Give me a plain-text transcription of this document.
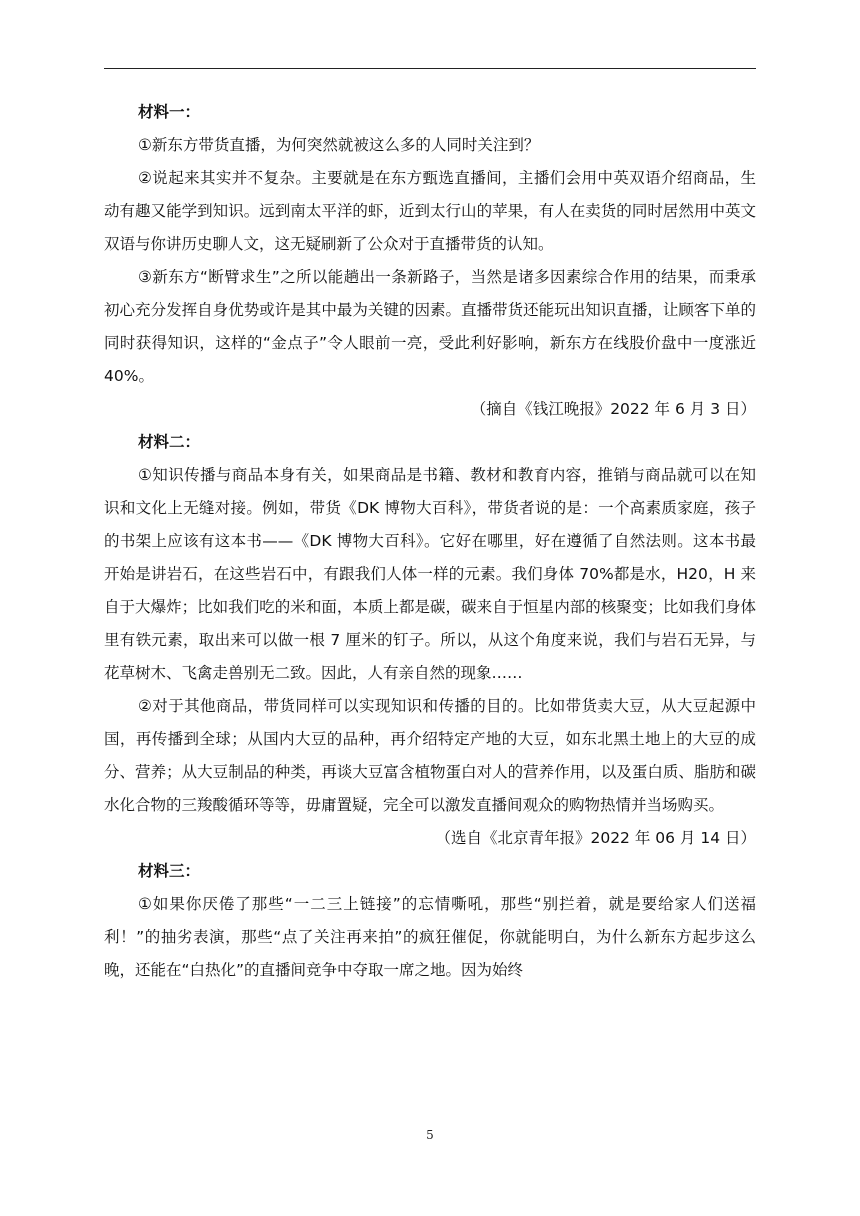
材料一：

①新东方带货直播，为何突然就被这么多的人同时关注到？

②说起来其实并不复杂。主要就是在东方甄选直播间，主播们会用中英双语介绍商品，生动有趣又能学到知识。远到南太平洋的虾，近到太行山的苹果，有人在卖货的同时居然用中英文双语与你讲历史聊人文，这无疑刷新了公众对于直播带货的认知。

③新东方“断臂求生”之所以能趟出一条新路子，当然是诸多因素综合作用的结果，而秉承初心充分发挥自身优势或许是其中最为关键的因素。直播带货还能玩出知识直播，让顾客下单的同时获得知识，这样的“金点子”令人眼前一亮，受此利好影响，新东方在线股价盘中一度涨近40%。

（摘自《钱江晚报》2022 年 6 月 3 日）

材料二：

①知识传播与商品本身有关，如果商品是书籍、教材和教育内容，推销与商品就可以在知识和文化上无缝对接。例如，带货《DK 博物大百科》，带货者说的是：一个高素质家庭，孩子的书架上应该有这本书——《DK 博物大百科》。它好在哪里，好在遵循了自然法则。这本书最开始是讲岩石，在这些岩石中，有跟我们人体一样的元素。我们身体 70%都是水，H20，H 来自于大爆炸；比如我们吃的米和面，本质上都是碳，碳来自于恒星内部的核聚变；比如我们身体里有铁元素，取出来可以做一根 7 厘米的钉子。所以，从这个角度来说，我们与岩石无异，与花草树木、飞禽走兽别无二致。因此，人有亲自然的现象……

②对于其他商品，带货同样可以实现知识和传播的目的。比如带货卖大豆，从大豆起源中国，再传播到全球；从国内大豆的品种，再介绍特定产地的大豆，如东北黑土地上的大豆的成分、营养；从大豆制品的种类，再谈大豆富含植物蛋白对人的营养作用，以及蛋白质、脂肪和碳水化合物的三羧酸循环等等，毋庸置疑，完全可以激发直播间观众的购物热情并当场购买。

（选自《北京青年报》2022 年 06 月 14 日）

材料三：

①如果你厌倦了那些“一二三上链接”的忘情嘶吼，那些“别拦着，就是要给家人们送福利！”的抽劣表演，那些“点了关注再来拍”的疯狂催促，你就能明白，为什么新东方起步这么晚，还能在“白热化”的直播间竞争中夺取一席之地。因为始终

5
